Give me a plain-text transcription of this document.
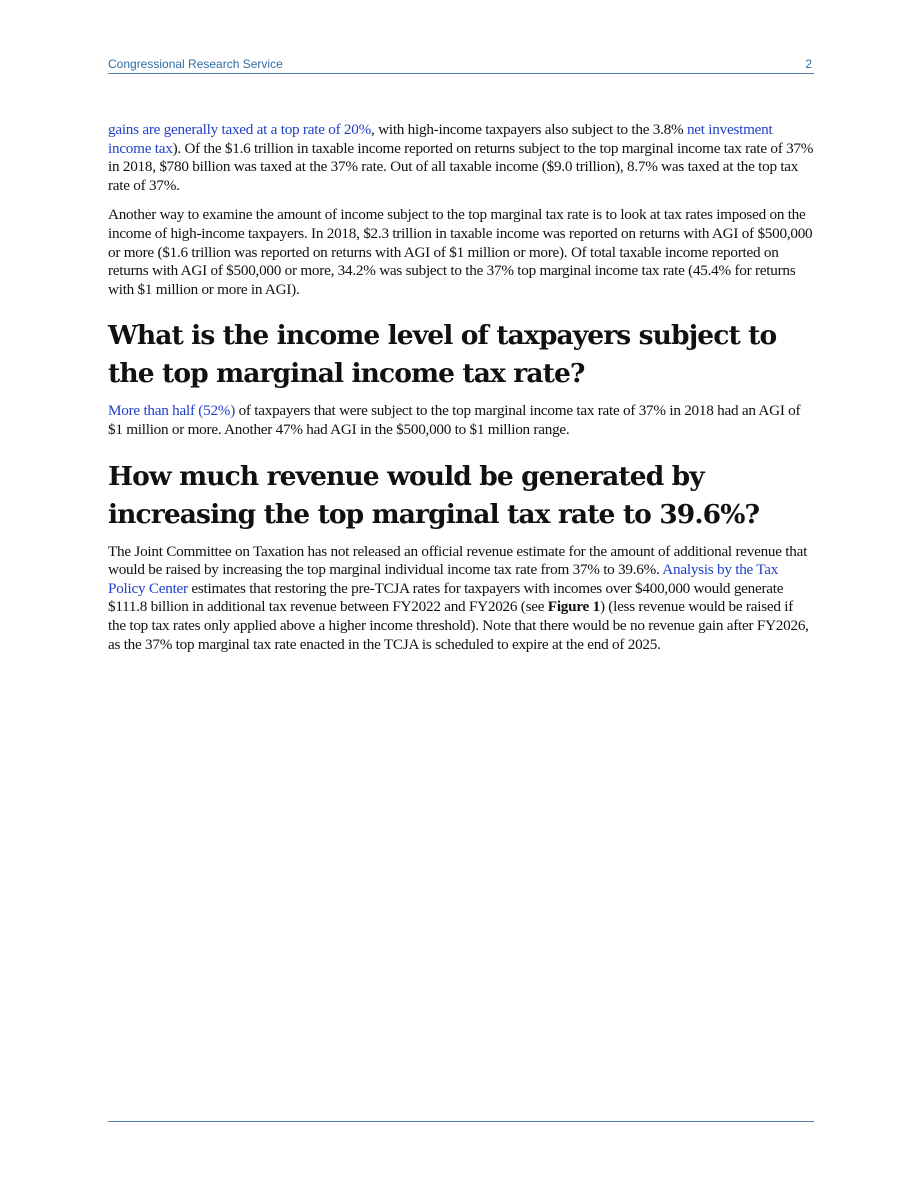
Congressional Research Service	2

gains are generally taxed at a top rate of 20%, with high-income taxpayers also subject to the 3.8% net investment income tax). Of the $1.6 trillion in taxable income reported on returns subject to the top marginal income tax rate of 37% in 2018, $780 billion was taxed at the 37% rate. Out of all taxable income ($9.0 trillion), 8.7% was taxed at the top tax rate of 37%.

Another way to examine the amount of income subject to the top marginal tax rate is to look at tax rates imposed on the income of high-income taxpayers. In 2018, $2.3 trillion in taxable income was reported on returns with AGI of $500,000 or more ($1.6 trillion was reported on returns with AGI of $1 million or more). Of total taxable income reported on returns with AGI of $500,000 or more, 34.2% was subject to the 37% top marginal income tax rate (45.4% for returns with $1 million or more in AGI).

What is the income level of taxpayers subject to the top marginal income tax rate?

More than half (52%) of taxpayers that were subject to the top marginal income tax rate of 37% in 2018 had an AGI of $1 million or more. Another 47% had AGI in the $500,000 to $1 million range.

How much revenue would be generated by increasing the top marginal tax rate to 39.6%?

The Joint Committee on Taxation has not released an official revenue estimate for the amount of additional revenue that would be raised by increasing the top marginal individual income tax rate from 37% to 39.6%. Analysis by the Tax Policy Center estimates that restoring the pre-TCJA rates for taxpayers with incomes over $400,000 would generate $111.8 billion in additional tax revenue between FY2022 and FY2026 (see Figure 1) (less revenue would be raised if the top tax rates only applied above a higher income threshold). Note that there would be no revenue gain after FY2026, as the 37% top marginal tax rate enacted in the TCJA is scheduled to expire at the end of 2025.
